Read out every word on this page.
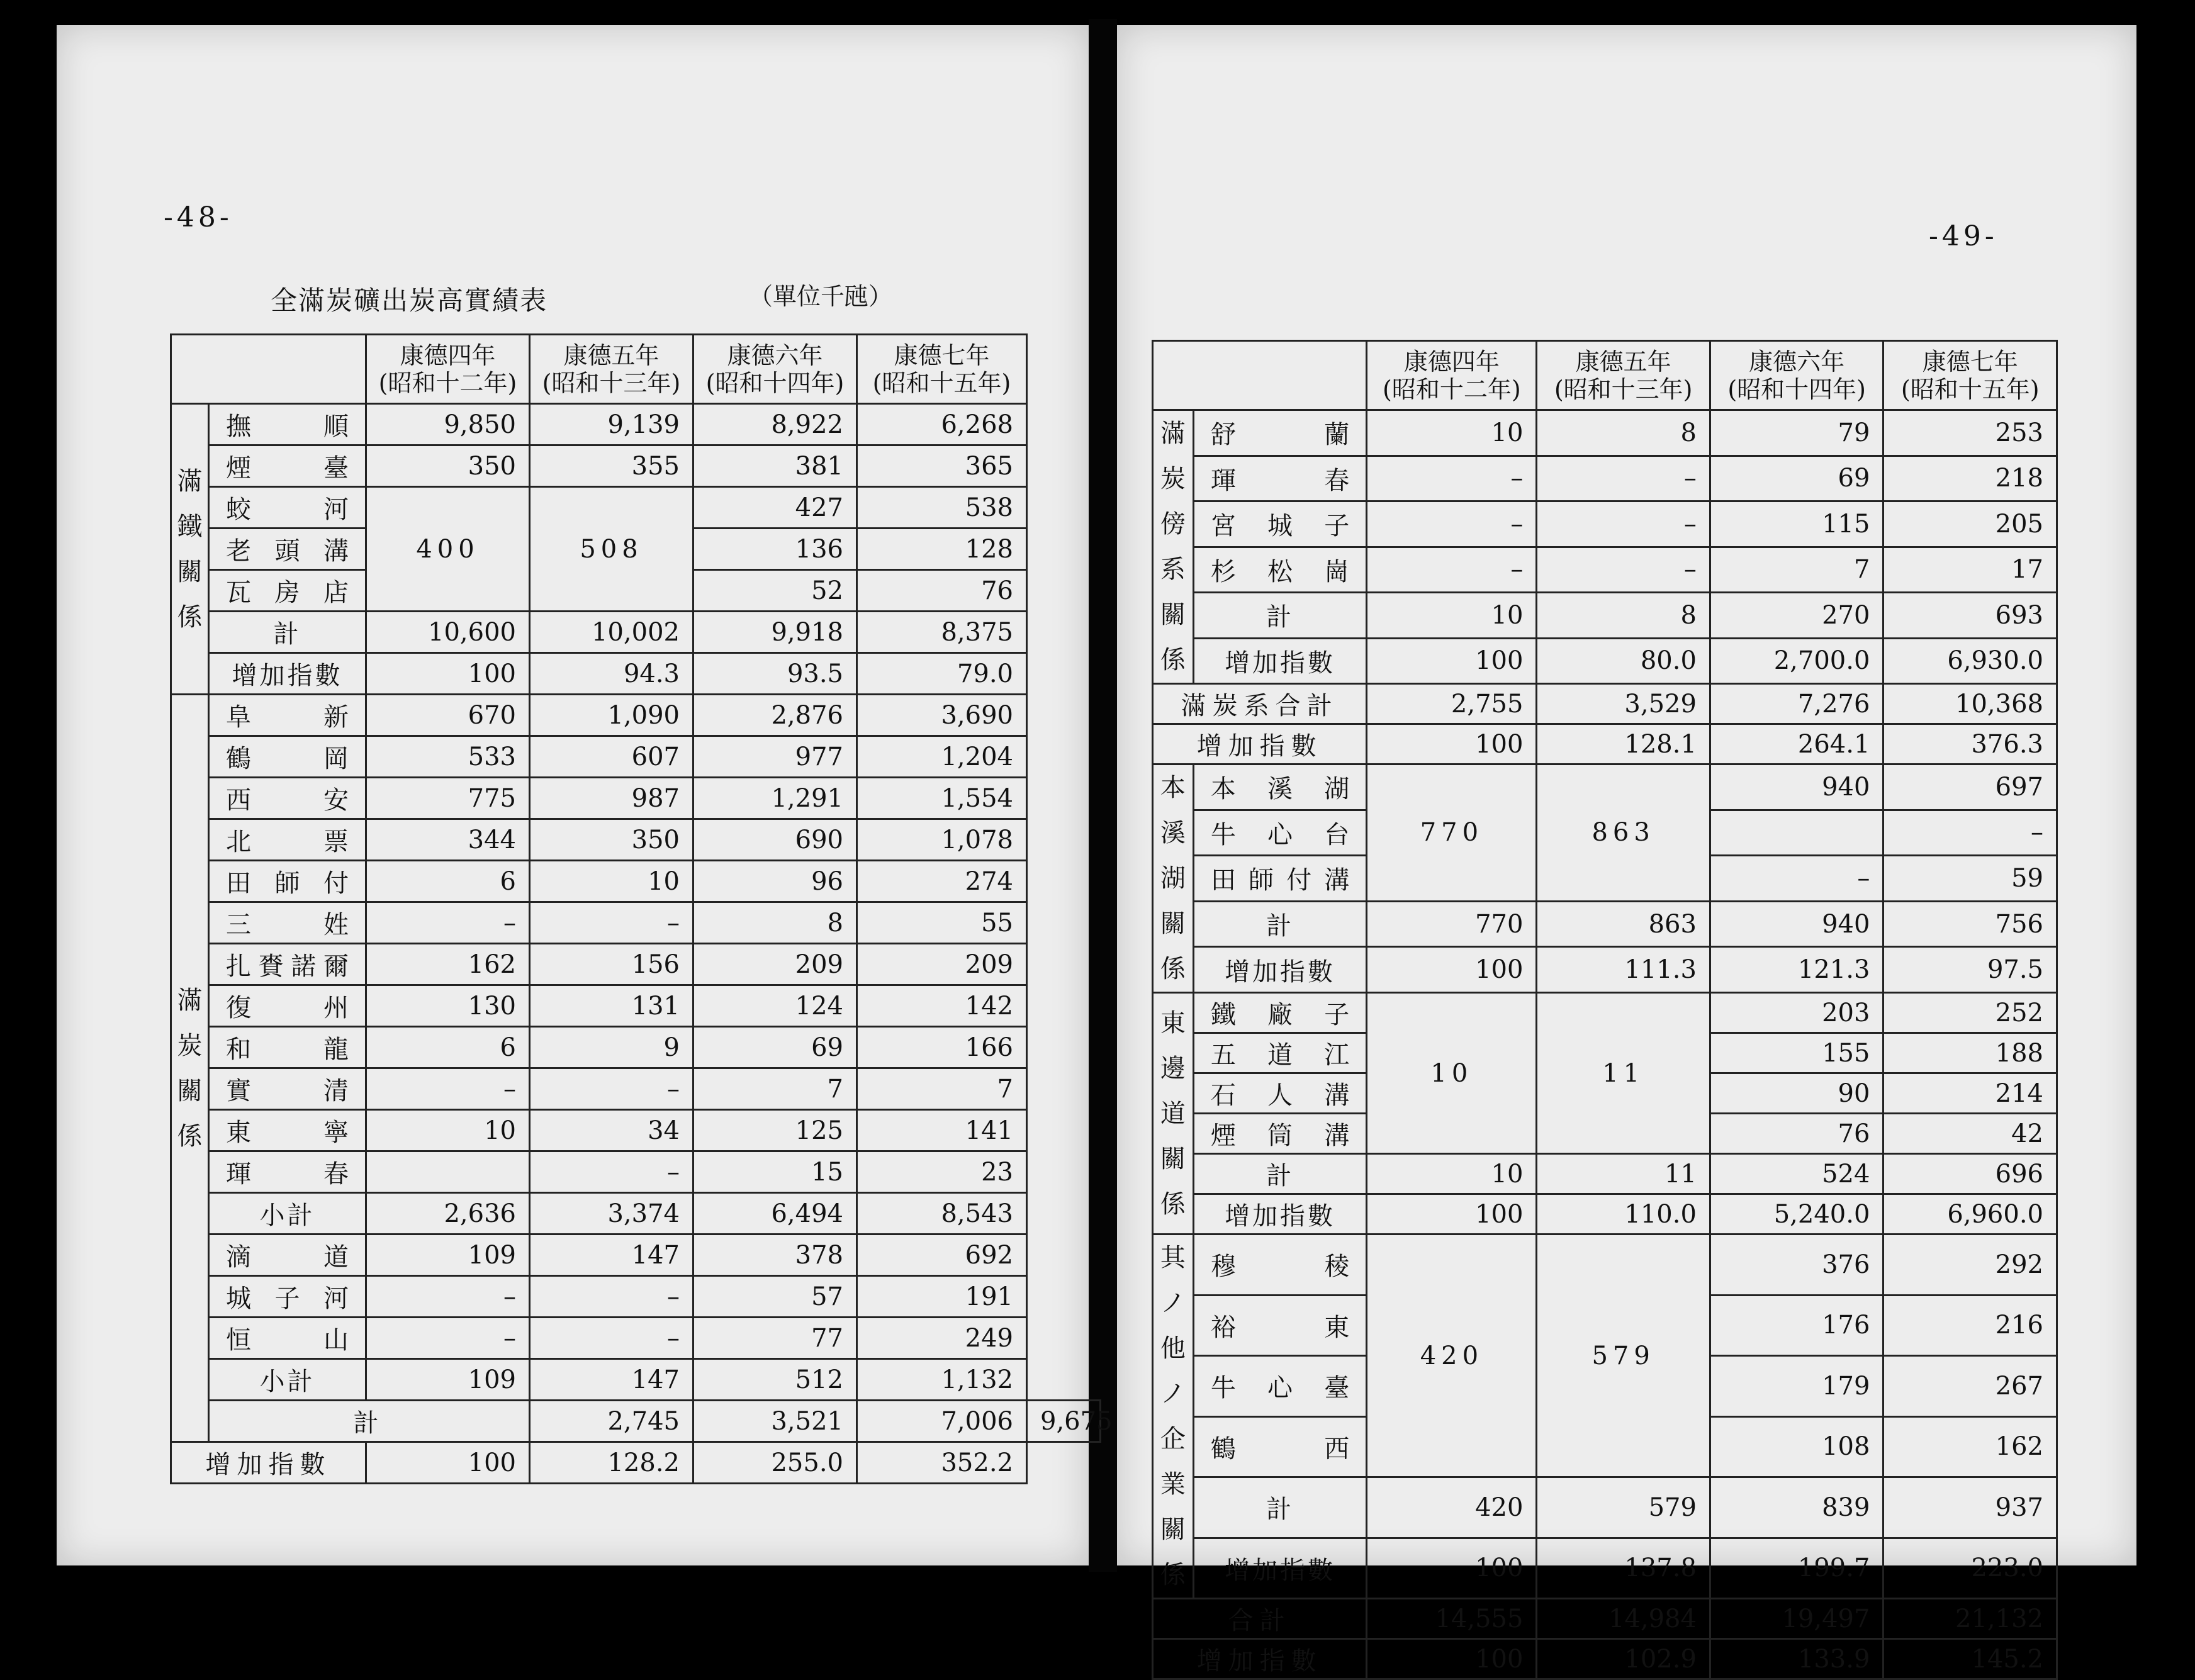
-48-
全滿炭礦出炭高實績表	（單位千瓲）
		康德四年
(昭和十二年)	康德五年
(昭和十三年)	康德六年
(昭和十四年)	康德七年
(昭和十五年)	

滿鐵關係	撫順	9,850	9,139	8,922	6,268	
	煙臺	350	355	381	365	
	蛟河	400	508	427	538	
	老頭溝			136	128	
	瓦房店			52	76	
	計	10,600	10,002	9,918	8,375	
	增加指數	100	94.3	93.5	79.0	

滿炭關係	阜新	670	1,090	2,876	3,690	
	鶴岡	533	607	977	1,204	
	西安	775	987	1,291	1,554	
	北票	344	350	690	1,078	
	田師付	6	10	96	274	
	三姓	–	–	8	55	
	扎賚諾爾	162	156	209	209	
	復州	130	131	124	142	
	和龍	6	9	69	166	
	實清	–	–	7	7	
	東寧	10	34	125	141	
	琿春		–	15	23	
	小計	2,636	3,374	6,494	8,543	
	滴道	109	147	378	692	
	城子河	–	–	57	191	
	恒山	–	–	77	249	
	小計	109	147	512	1,132	
	計		2,745	3,521	7,006	9,675
增加指數		100	128.2	255.0	352.2	
-49-
		康德四年
(昭和十二年)	康德五年
(昭和十三年)	康德六年
(昭和十四年)	康德七年
(昭和十五年)

滿炭傍系關係	舒蘭	10	8	79	253
	琿春	–	–	69	218
	宮城子	–	–	115	205
	杉松崗	–	–	7	17
	計	10	8	270	693
	增加指數	100	80.0	2,700.0	6,930.0
滿炭系合計		2,755	3,529	7,276	10,368
增加指數		100	128.1	264.1	376.3

本溪湖關係	本溪湖	770	863	940	697
	牛心台				–
	田師付溝			–	59
	計	770	863	940	756
	增加指數	100	111.3	121.3	97.5

東邊道關係	鐵廠子	10	11	203	252
	五道江			155	188
	石人溝			90	214
	煙筒溝			76	42
	計	10	11	524	696
	增加指數	100	110.0	5,240.0	6,960.0

其ノ他ノ企業關係	穆稜	420	579	376	292
	裕東			176	216
	牛心臺			179	267
	鶴西			108	162
	計	420	579	839	937
	增加指數	100	137.8	199.7	223.0
合計		14,555	14,984	19,497	21,132
增加指數		100	102.9	133.9	145.2
